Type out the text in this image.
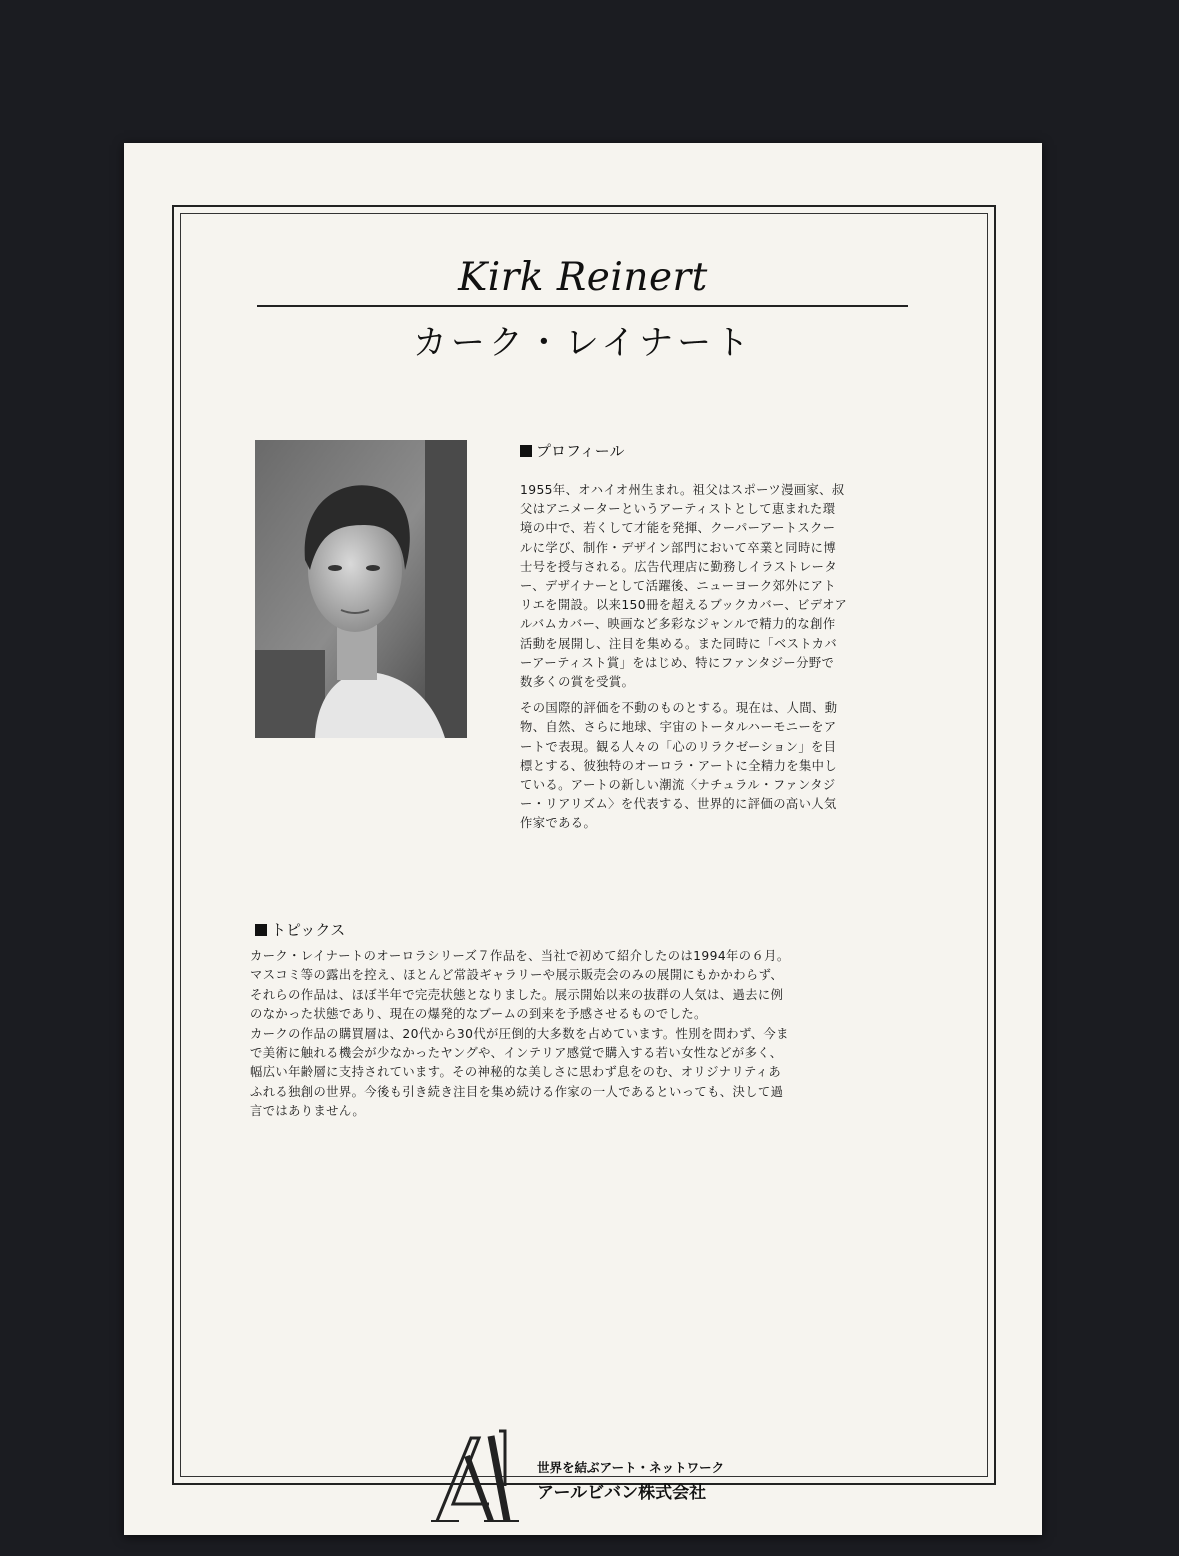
Kirk Reinert
カーク・レイナート
プロフィール

1955年、オハイオ州生まれ。祖父はスポーツ漫画家、叔
父はアニメーターというアーティストとして恵まれた環
境の中で、若くして才能を発揮、クーパーアートスクー
ルに学び、制作・デザイン部門において卒業と同時に博
士号を授与される。広告代理店に勤務しイラストレータ
ー、デザイナーとして活躍後、ニューヨーク郊外にアト
リエを開設。以来150冊を超えるブックカバー、ビデオア
ルバムカバー、映画など多彩なジャンルで精力的な創作
活動を展開し、注目を集める。また同時に「ベストカバ
ーアーティスト賞」をはじめ、特にファンタジー分野で
数多くの賞を受賞。

その国際的評価を不動のものとする。現在は、人間、動
物、自然、さらに地球、宇宙のトータルハーモニーをア
ートで表現。観る人々の「心のリラクゼーション」を目
標とする、彼独特のオーロラ・アートに全精力を集中し
ている。アートの新しい潮流〈ナチュラル・ファンタジ
ー・リアリズム〉を代表する、世界的に評価の高い人気
作家である。

トピックス

カーク・レイナートのオーロラシリーズ７作品を、当社で初めて紹介したのは1994年の６月。
マスコミ等の露出を控え、ほとんど常設ギャラリーや展示販売会のみの展開にもかかわらず、
それらの作品は、ほぼ半年で完売状態となりました。展示開始以来の抜群の人気は、過去に例
のなかった状態であり、現在の爆発的なブームの到来を予感させるものでした。

カークの作品の購買層は、20代から30代が圧倒的大多数を占めています。性別を問わず、今ま
で美術に触れる機会が少なかったヤングや、インテリア感覚で購入する若い女性などが多く、
幅広い年齢層に支持されています。その神秘的な美しさに思わず息をのむ、オリジナリティあ
ふれる独創の世界。今後も引き続き注目を集め続ける作家の一人であるといっても、決して過
言ではありません。

世界を結ぶアート・ネットワーク
アールビバン株式会社
